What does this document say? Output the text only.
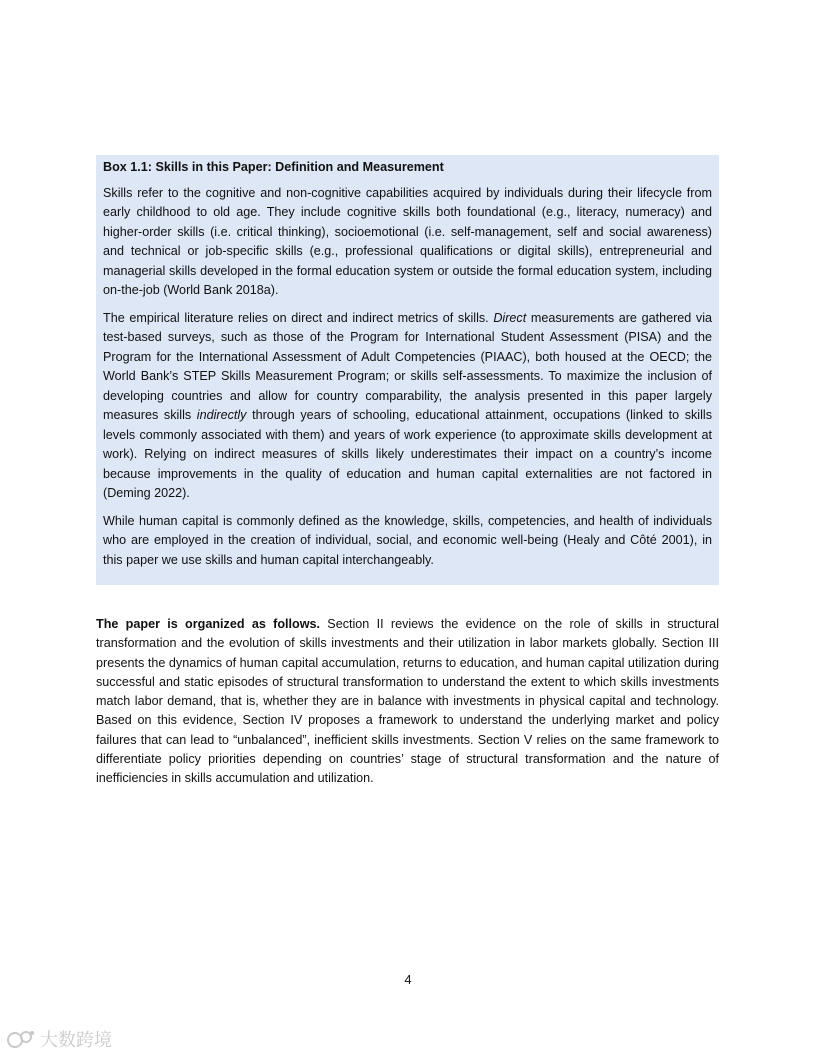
Box 1.1: Skills in this Paper: Definition and Measurement

Skills refer to the cognitive and non-cognitive capabilities acquired by individuals during their lifecycle from early childhood to old age. They include cognitive skills both foundational (e.g., literacy, numeracy) and higher-order skills (i.e. critical thinking), socioemotional (i.e. self-management, self and social awareness) and technical or job-specific skills (e.g., professional qualifications or digital skills), entrepreneurial and managerial skills developed in the formal education system or outside the formal education system, including on-the-job (World Bank 2018a).

The empirical literature relies on direct and indirect metrics of skills. Direct measurements are gathered via test-based surveys, such as those of the Program for International Student Assessment (PISA) and the Program for the International Assessment of Adult Competencies (PIAAC), both housed at the OECD; the World Bank’s STEP Skills Measurement Program; or skills self-assessments. To maximize the inclusion of developing countries and allow for country comparability, the analysis presented in this paper largely measures skills indirectly through years of schooling, educational attainment, occupations (linked to skills levels commonly associated with them) and years of work experience (to approximate skills development at work). Relying on indirect measures of skills likely underestimates their impact on a country’s income because improvements in the quality of education and human capital externalities are not factored in (Deming 2022).

While human capital is commonly defined as the knowledge, skills, competencies, and health of individuals who are employed in the creation of individual, social, and economic well-being (Healy and Côté 2001), in this paper we use skills and human capital interchangeably.

The paper is organized as follows. Section II reviews the evidence on the role of skills in structural transformation and the evolution of skills investments and their utilization in labor markets globally. Section III presents the dynamics of human capital accumulation, returns to education, and human capital utilization during successful and static episodes of structural transformation to understand the extent to which skills investments match labor demand, that is, whether they are in balance with investments in physical capital and technology. Based on this evidence, Section IV proposes a framework to understand the underlying market and policy failures that can lead to “unbalanced”, inefficient skills investments. Section V relies on the same framework to differentiate policy priorities depending on countries’ stage of structural transformation and the nature of inefficiencies in skills accumulation and utilization.

4
大数跨境
